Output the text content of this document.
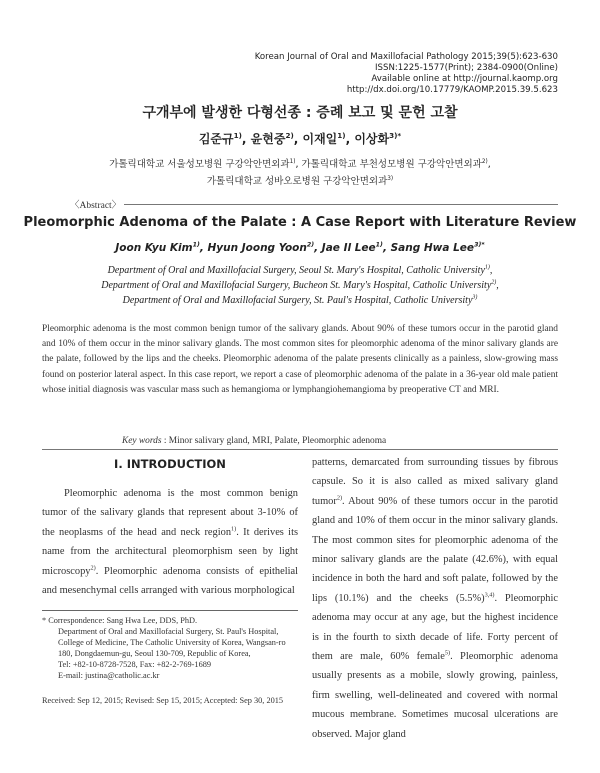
Korean Journal of Oral and Maxillofacial Pathology 2015;39(5):623-630
ISSN:1225-1577(Print); 2384-0900(Online)
Available online at http://journal.kaomp.org
http://dx.doi.org/10.17779/KAOMP.2015.39.5.623
구개부에 발생한 다형선종 : 증례 보고 및 문헌 고찰
김준규$^{1)}$, 윤현중$^{2)}$, 이재일$^{1)}$, 이상화$^{3)*}$
가톨릭대학교 서울성모병원 구강악안면외과$^{1)}$, 가톨릭대학교 부천성모병원 구강악안면외과$^{2)}$,
가톨릭대학교 성바오로병원 구강악안면외과$^{3)}$
〈Abstract〉
Pleomorphic Adenoma of the Palate : A Case Report with Literature Review
Joon Kyu Kim$^{1)}$, Hyun Joong Yoon$^{2)}$, Jae Il Lee$^{1)}$, Sang Hwa Lee$^{3)*}$
Department of Oral and Maxillofacial Surgery, Seoul St. Mary's Hospital, Catholic University$^{1)}$,
Department of Oral and Maxillofacial Surgery, Bucheon St. Mary's Hospital, Catholic University$^{2)}$,
Department of Oral and Maxillofacial Surgery, St. Paul's Hospital, Catholic University$^{3)}$
Pleomorphic adenoma is the most common benign tumor of the salivary glands. About 90% of these tumors occur in the parotid gland and 10% of them occur in the minor salivary glands. The most common sites for pleomorphic adenoma of the minor salivary glands are the palate, followed by the lips and the cheeks. Pleomorphic adenoma of the palate presents clinically as a painless, slow-growing mass found on posterior lateral aspect. In this case report, we report a case of pleomorphic adenoma of the palate in a 36-year old male patient whose initial diagnosis was vascular mass such as hemangioma or lymphangiohemangioma by preoperative CT and MRI.
Key words : Minor salivary gland, MRI, Palate, Pleomorphic adenoma
Ⅰ. INTRODUCTION

Pleomorphic adenoma is the most common benign tumor of the salivary glands that represent about 3-10% of the neoplasms of the head and neck region$^{1)}$. It derives its name from the architectural pleomorphism seen by light microscopy$^{2)}$. Pleomorphic adenoma consists of epithelial and mesenchymal cells arranged with various morphological

* Correspondence: Sang Hwa Lee, DDS, PhD.
Department of Oral and Maxillofacial Surgery, St. Paul's Hospital, College of Medicine, The Catholic University of Korea, Wangsan-ro 180, Dongdaemun-gu, Seoul 130-709, Republic of Korea,
Tel: +82-10-8728-7528, Fax: +82-2-769-1689
E-mail: justina@catholic.ac.kr
Received: Sep 12, 2015; Revised: Sep 15, 2015; Accepted: Sep 30, 2015

patterns, demarcated from surrounding tissues by fibrous capsule. So it is also called as mixed salivary gland tumor$^{2)}$. About 90% of these tumors occur in the parotid gland and 10% of them occur in the minor salivary glands. The most common sites for pleomorphic adenoma of the minor salivary glands are the palate (42.6%), with equal incidence in both the hard and soft palate, followed by the lips (10.1%) and the cheeks $(5.5\%)^{3,4)}$. Pleomorphic adenoma may occur at any age, but the highest incidence is in the fourth to sixth decade of life. Forty percent of them are male, 60% female$^{5)}$. Pleomorphic adenoma usually presents as a mobile, slowly growing, painless, firm swelling, well-delineated and covered with normal mucous membrane. Sometimes mucosal ulcerations are observed. Major gland
